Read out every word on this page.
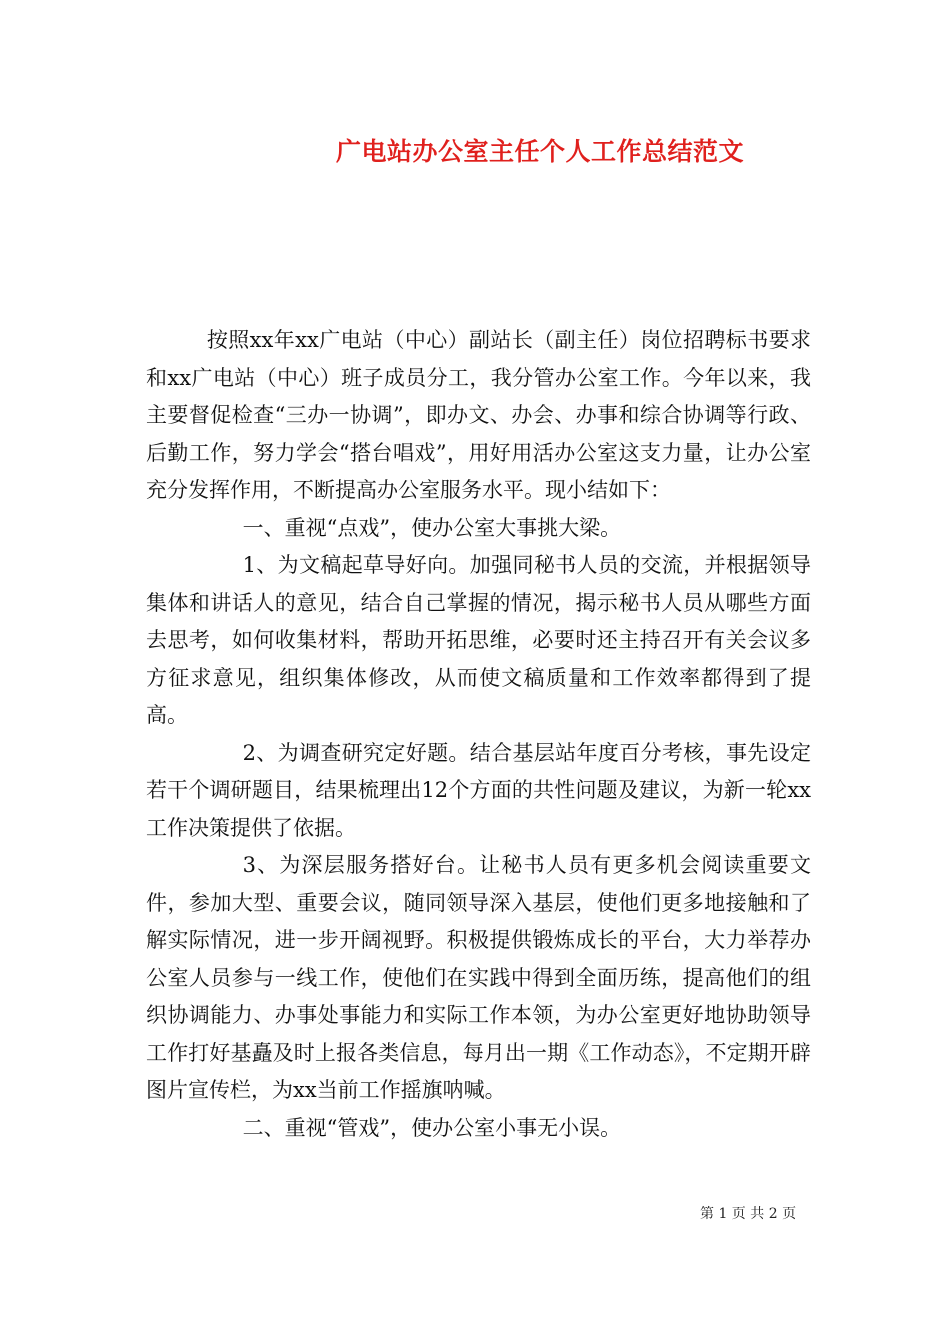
广电站办公室主任个人工作总结范文

按照xx年xx广电站（中心）副站长（副主任）岗位招聘标书要求和xx广电站（中心）班子成员分工，我分管办公室工作。今年以来，我主要督促检查“三办一协调”，即办文、办会、办事和综合协调等行政、后勤工作，努力学会“搭台唱戏”，用好用活办公室这支力量，让办公室充分发挥作用，不断提高办公室服务水平。现小结如下：

一、重视“点戏”，使办公室大事挑大梁。

1、为文稿起草导好向。加强同秘书人员的交流，并根据领导集体和讲话人的意见，结合自己掌握的情况，揭示秘书人员从哪些方面去思考，如何收集材料，帮助开拓思维，必要时还主持召开有关会议多方征求意见，组织集体修改，从而使文稿质量和工作效率都得到了提高。

2、为调查研究定好题。结合基层站年度百分考核，事先设定若干个调研题目，结果梳理出12个方面的共性问题及建议，为新一轮xx工作决策提供了依据。

3、为深层服务搭好台。让秘书人员有更多机会阅读重要文件，参加大型、重要会议，随同领导深入基层，使他们更多地接触和了解实际情况，进一步开阔视野。积极提供锻炼成长的平台，大力举荐办公室人员参与一线工作，使他们在实践中得到全面历练，提高他们的组织协调能力、办事处事能力和实际工作本领，为办公室更好地协助领导工作打好基矗及时上报各类信息，每月出一期《工作动态》，不定期开辟图片宣传栏，为xx当前工作摇旗呐喊。

二、重视“管戏”，使办公室小事无小误。

第 1 页 共 2 页
